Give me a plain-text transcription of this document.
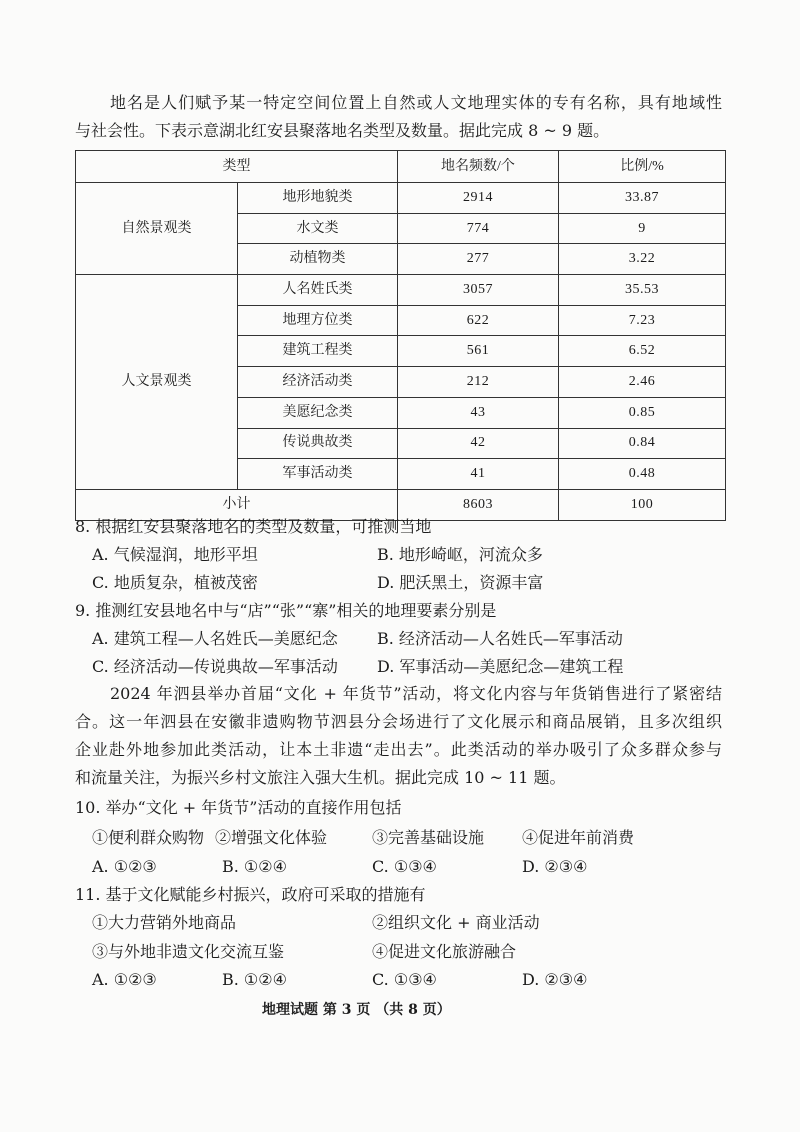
地名是人们赋予某一特定空间位置上自然或人文地理实体的专有名称，具有地域性
与社会性。下表示意湖北红安县聚落地名类型及数量。据此完成 8 ~ 9 题。
类型		地名频数/个	比例/%
自然景观类	地形地貌类	2914	33.87
	水文类	774	9
	动植物类	277	3.22
人文景观类	人名姓氏类	3057	35.53
	地理方位类	622	7.23
	建筑工程类	561	6.52
	经济活动类	212	2.46
	美愿纪念类	43	0.85
	传说典故类	42	0.84
	军事活动类	41	0.48
小计		8603	100
8. 根据红安县聚落地名的类型及数量，可推测当地
A. 气候湿润，地形平坦	B. 地形崎岖，河流众多
C. 地质复杂，植被茂密	D. 肥沃黑土，资源丰富
9. 推测红安县地名中与“店”“张”“寨”相关的地理要素分别是
A. 建筑工程—人名姓氏—美愿纪念 B. 经济活动—人名姓氏—军事活动
C. 经济活动—传说典故—军事活动 D. 军事活动—美愿纪念—建筑工程
2024 年泗县举办首届“文化 + 年货节”活动，将文化内容与年货销售进行了紧密结
合。这一年泗县在安徽非遗购物节泗县分会场进行了文化展示和商品展销，且多次组织
企业赴外地参加此类活动，让本土非遗“走出去”。此类活动的举办吸引了众多群众参与
和流量关注，为振兴乡村文旅注入强大生机。据此完成 10 ~ 11 题。
10. 举办“文化 + 年货节”活动的直接作用包括
①便利群众购物 ②增强文化体验	③完善基础设施 ④促进年前消费
A. ①②③	B. ①②④	C. ①③④	D. ②③④
11. 基于文化赋能乡村振兴，政府可采取的措施有
①大力营销外地商品	②组织文化 + 商业活动
③与外地非遗文化交流互鉴	④促进文化旅游融合
A. ①②③	B. ①②④	C. ①③④	D. ②③④
地理试题 第 3 页 （共 8 页）
